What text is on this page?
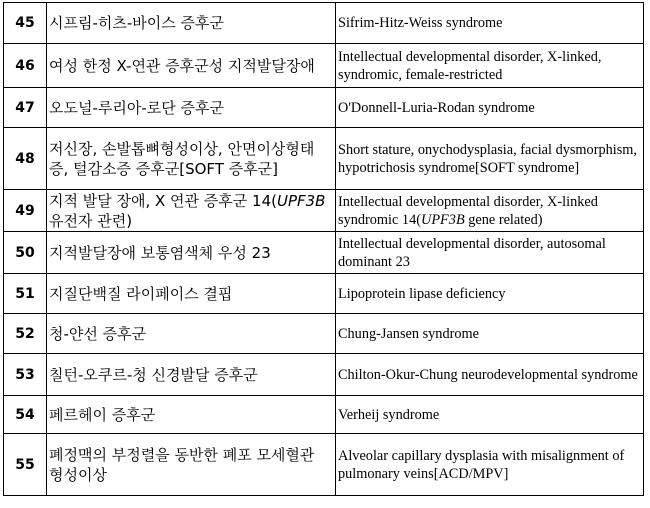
45	시프림-히츠-바이스 증후군	Sifrim-Hitz-Weiss syndrome
46	여성 한정 X-연관 증후군성 지적발달장애	Intellectual developmental disorder, X-linked, syndromic, female-restricted
47	오도널-루리아-로단 증후군	O'Donnell-Luria-Rodan syndrome
48	저신장, 손발톱뼈형성이상, 안면이상형태증, 털감소증 증후군[SOFT 증후군]	Short stature, onychodysplasia, facial dysmorphism, hypotrichosis syndrome[SOFT syndrome]
49	지적 발달 장애, X 연관 증후군 14(UPF3B 유전자 관련)	Intellectual developmental disorder, X-linked syndromic 14(UPF3B gene related)
50	지적발달장애 보통염색체 우성 23	Intellectual developmental disorder, autosomal dominant 23
51	지질단백질 라이페이스 결핍	Lipoprotein lipase deficiency
52	청-얀선 증후군	Chung-Jansen syndrome
53	칠턴-오쿠르-청 신경발달 증후군	Chilton-Okur-Chung neurodevelopmental syndrome
54	페르헤이 증후군	Verheij syndrome
55	폐정맥의 부정렬을 동반한 폐포 모세혈관 형성이상	Alveolar capillary dysplasia with misalignment of pulmonary veins[ACD/MPV]
